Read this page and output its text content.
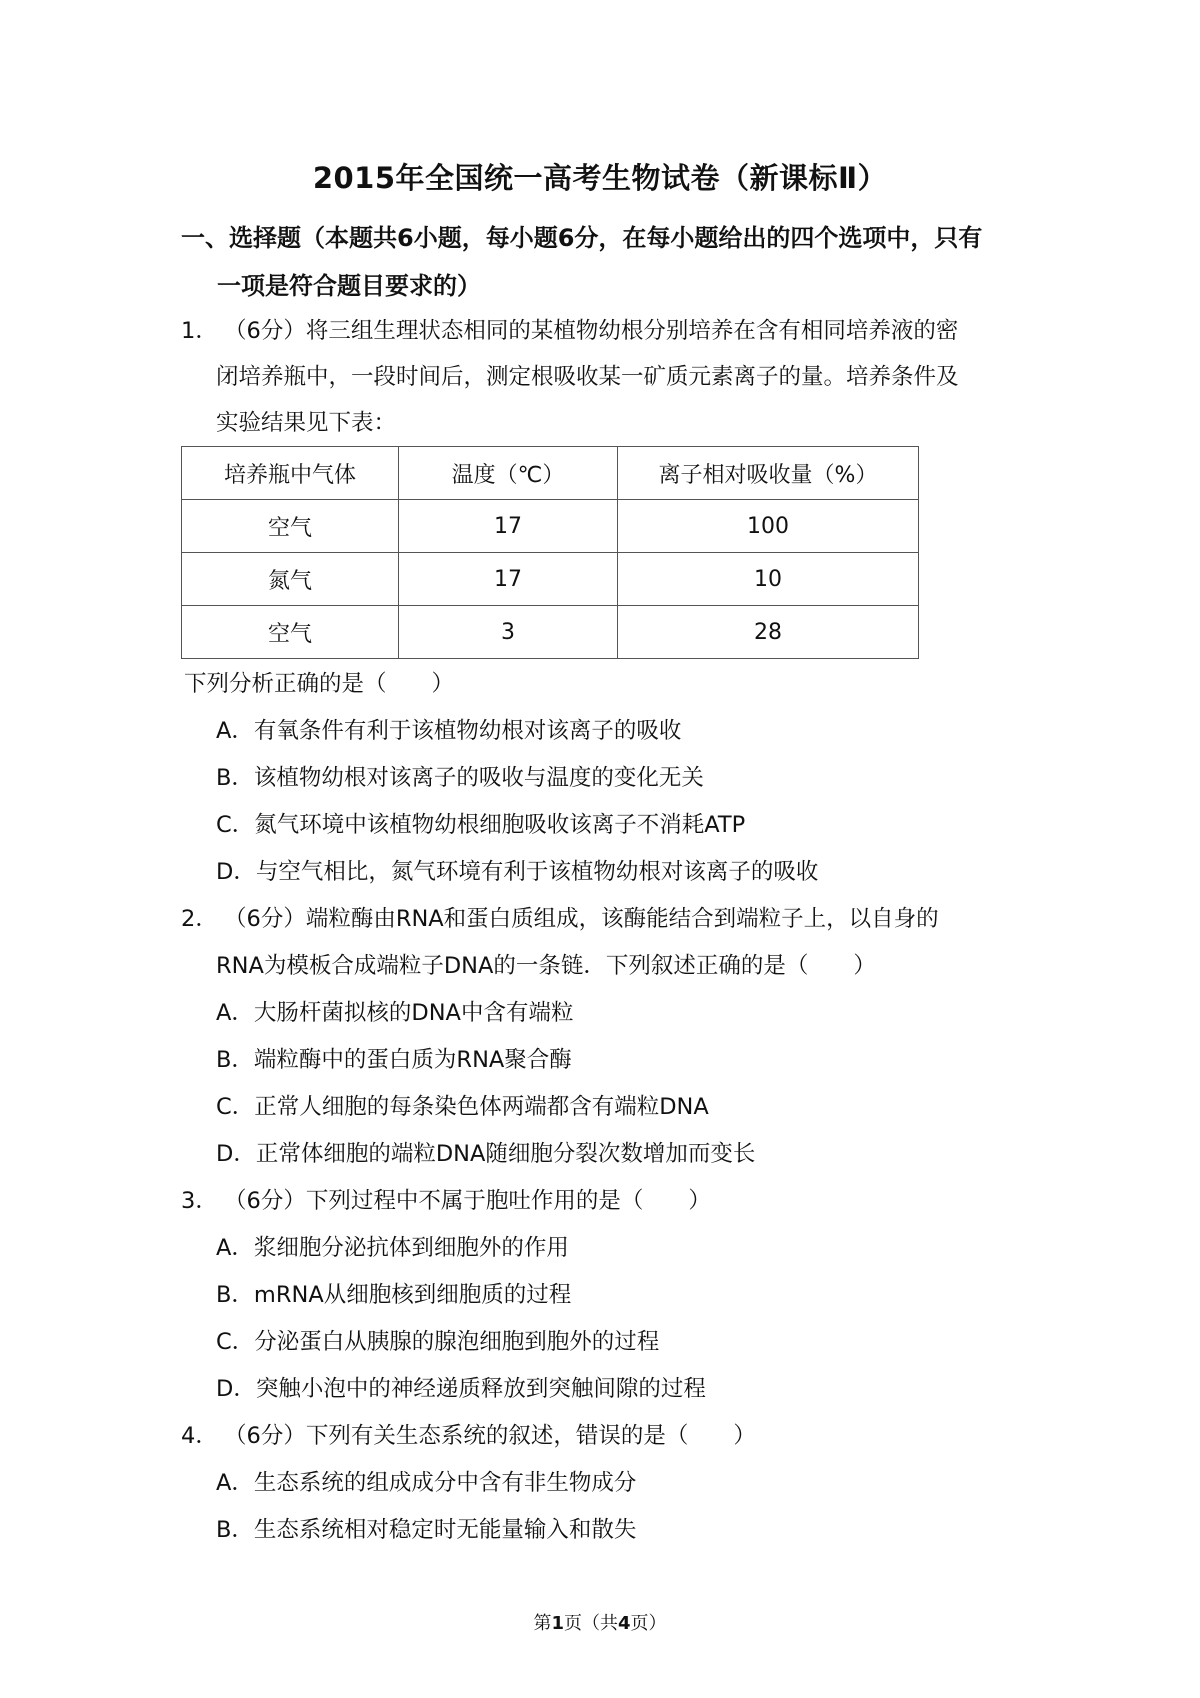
2015年全国统一高考生物试卷（新课标Ⅱ）
一、选择题（本题共6小题，每小题6分，在每小题给出的四个选项中，只有
一项是符合题目要求的）
1． （6分）将三组生理状态相同的某植物幼根分别培养在含有相同培养液的密
闭培养瓶中，一段时间后，测定根吸收某一矿质元素离子的量。培养条件及
实验结果见下表：
培养瓶中气体	温度（℃）	离子相对吸收量（%）
空气	17	100
氮气	17	10
空气	3	28
下列分析正确的是（　　）
A．有氧条件有利于该植物幼根对该离子的吸收
B．该植物幼根对该离子的吸收与温度的变化无关
C．氮气环境中该植物幼根细胞吸收该离子不消耗ATP
D．与空气相比，氮气环境有利于该植物幼根对该离子的吸收
2． （6分）端粒酶由RNA和蛋白质组成，该酶能结合到端粒子上，以自身的
RNA为模板合成端粒子DNA的一条链．下列叙述正确的是（　　）
A．大肠杆菌拟核的DNA中含有端粒
B．端粒酶中的蛋白质为RNA聚合酶
C．正常人细胞的每条染色体两端都含有端粒DNA
D．正常体细胞的端粒DNA随细胞分裂次数增加而变长
3． （6分）下列过程中不属于胞吐作用的是（　　）
A．浆细胞分泌抗体到细胞外的作用
B．mRNA从细胞核到细胞质的过程
C．分泌蛋白从胰腺的腺泡细胞到胞外的过程
D．突触小泡中的神经递质释放到突触间隙的过程
4． （6分）下列有关生态系统的叙述，错误的是（　　）
A．生态系统的组成成分中含有非生物成分
B．生态系统相对稳定时无能量输入和散失
第1页（共4页）
